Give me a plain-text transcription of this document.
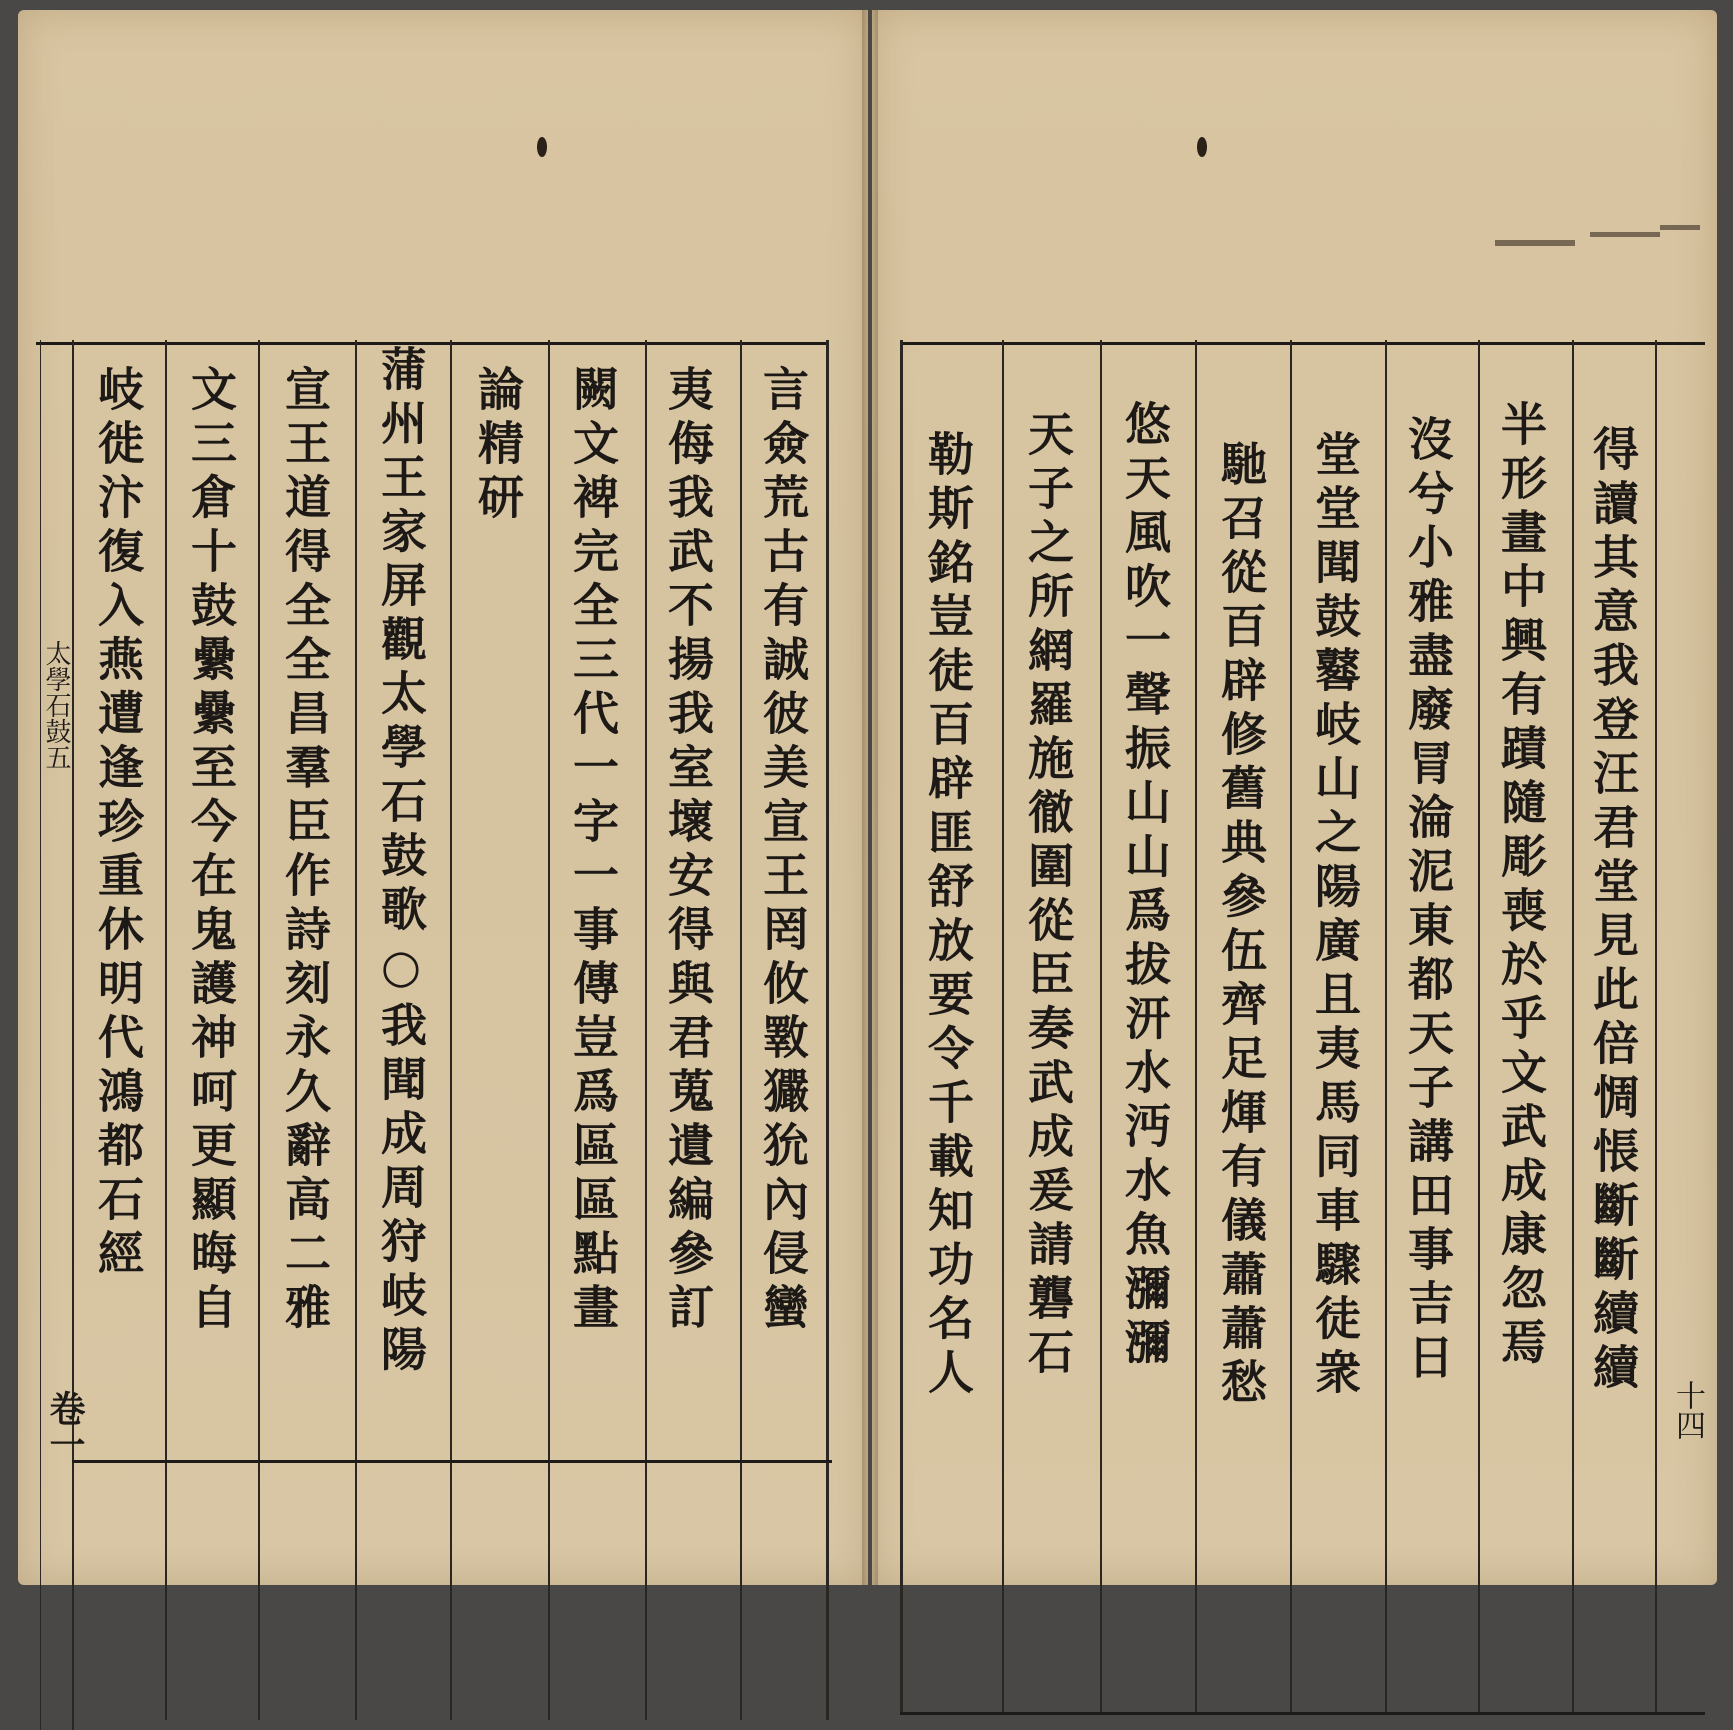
言僉荒古有誠彼美宣王罔攸斁玁狁內侵蠻
夷侮我武不揚我室壞安得與君蒐遺編參訂
闕文裨完全三代一字一事傳豈爲區區點畫
論精研
蒲州王家屏觀太學石鼓歌○我聞成周狩岐陽
宣王道得全全昌羣臣作詩刻永久辭高二雅
文三倉十鼓纍纍至今在鬼護神呵更顯晦自
岐徙汴復入燕遭逢珍重休明代鴻都石經
太學石鼓五
卷一
得讀其意我登汪君堂見此倍惆悵斷斷續續
半形畫中興有蹟隨彫喪於乎文武成康忽焉
沒兮小雅盡廢冐淪泥東都天子講田事吉日
堂堂聞鼓鼛岐山之陽廣且夷馬同車驟徒衆
馳召從百辟修舊典參伍齊足煇有儀蕭蕭愁
悠天風吹一聲振山山爲拔汧水沔水魚瀰瀰
天子之所網羅施徹圍從臣奏武成爰請礱石
勒斯銘豈徒百辟匪舒放要令千載知功名人
十四
